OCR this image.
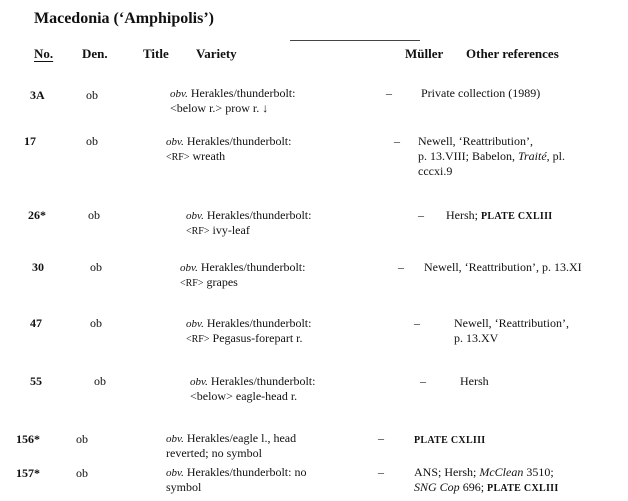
Macedonia (‘Amphipolis’)
No. Den.	Title Variety	Müller Other references
3A	ob	obv. Herakles/thunderbolt:
<below r.> prow r. ↓
– Private collection (1989)
17	ob	obv. Herakles/thunderbolt:
<RF> wreath
– Newell, ‘Reattribution’,
p. 13.VIII; Babelon, Traité, pl.
cccxi.9
26*	ob	obv. Herakles/thunderbolt:
<RF> ivy-leaf
– Hersh; PLATE CXLIII
30	ob	obv. Herakles/thunderbolt:
<RF> grapes
– Newell, ‘Reattribution’, p. 13.XI
47	ob	obv. Herakles/thunderbolt:
<RF> Pegasus-forepart r.
–	Newell, ‘Reattribution’,
p. 13.XV
55	ob	obv. Herakles/thunderbolt:
<below> eagle-head r.
–	Hersh
156*	ob	obv. Herakles/eagle l., head
reverted; no symbol
–	PLATE CXLIII
157*	ob	obv. Herakles/thunderbolt: no
symbol
–	ANS; Hersh; McClean 3510;
SNG Cop 696; PLATE CXLIII
